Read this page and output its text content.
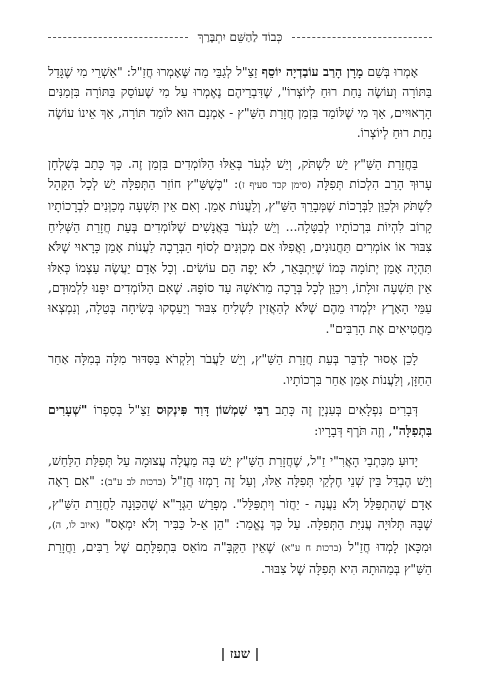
כְּבוֹד לַהַשֵּׁם יִתְבָּרַךְ

אָמְרוּ בְּשֵׁם מָרָן הָרַב עוֹבַדְיָה יוֹסֵף זַצַ"ל לְגַבֵּי מַה שֶּׁאָמְרוּ חֲזַ"ל: "אַשְׁרֵי מִי שֶׁגָּדֵל בַּתּוֹרָה וְעוֹשֶׂה נַחַת רוּחַ לְיוֹצְרוֹ", שֶׁדִּבְרֵיהֶם נֶאֶמְרוּ עַל מִי שֶׁעוֹסֵק בַּתּוֹרָה בִּזְמַנִּים הָרְאוּיִים, אַךְ מִי שֶׁלּוֹמֵד בִּזְמַן חֲזָרַת הַשַּׁ"ץ - אָמְנָם הוּא לוֹמֵד תּוֹרָה, אַךְ אֵינוֹ עוֹשֶׂה נַחַת רוּחַ לְיוֹצְרוֹ.

בַּחֲזָרַת הַשַּׁ"ץ יֵשׁ לִשְׁתֹּק, וְיֵשׁ לִגְעֹר בְּאֵלּוּ הַלּוֹמְדִים בִּזְמַן זֶה. כָּךְ כָּתַב בְּשֻׁלְחָן עָרוּךְ הָרַב הִלְכוֹת תְּפִלָּה (סימן קכד סעיף ז): "כְּשֶׁשַּׁ"ץ חוֹזֵר הַתְּפִלָּה יֵשׁ לְכָל הַקָּהָל לִשְׁתֹּק וּלְכַוֵּן לַבְּרָכוֹת שֶׁמְּבָרֵךְ הַשַּׁ"ץ, וְלַעֲנוֹת אָמֵן. וְאִם אֵין תִּשְׁעָה מְכַוְּנִים לִבְרָכוֹתָיו קָרוֹב לִהְיוֹת בִּרְכוֹתָיו לְבַטָּלָה... וְיֵשׁ לִגְעֹר בַּאֲנָשִׁים שֶׁלּוֹמְדִים בְּעֵת חֲזָרַת הַשְּׁלִיחַ צִבּוּר אוֹ אוֹמְרִים תַּחֲנוּנִים, וַאֲפִלּוּ אִם מְכַוְּנִים לְסוֹף הַבְּרָכָה לַעֲנוֹת אָמֵן כָּרָאוּי שֶׁלֹּא תִּהְיֶה אָמֵן יְתוֹמָה כְּמוֹ שֶׁיִּתְבָּאֵר, לֹא יָפֶה הֵם עוֹשִׂים. וְכָל אָדָם יַעֲשֶׂה עַצְמוֹ כְּאִלּוּ אֵין תִּשְׁעָה זוּלָתוֹ, וִיכַוֵּן לְכָל בְּרָכָה מֵרֹאשָׁהּ עַד סוֹפָהּ. שֶׁאִם הַלּוֹמְדִים יִפָּנוּ לִלְמוּדָם, עַמֵּי הָאָרֶץ יִלְמְדוּ מֵהֶם שֶׁלֹּא לְהַאֲזִין לִשְׁלִיחַ צִבּוּר וְיַעַסְקוּ בְּשִׂיחָה בְּטֵלָה, וְנִמְצְאוּ מַחֲטִיאִים אֶת הָרַבִּים".

לָכֵן אָסוּר לְדַבֵּר בְּעֵת חֲזָרַת הַשַּׁ"ץ, וְיֵשׁ לַעֲבֹר וְלִקְרֹא בַּסִּדּוּר מִלָּה בְּמִלָּה אַחַר הַחַזָּן, וְלַעֲנוֹת אָמֵן אַחַר בִּרְכוֹתָיו.

דְּבָרִים נִפְלָאִים בְּעִנְיָן זֶה כָּתַב רַבִּי שִׁמְשׁוֹן דָּוִד פִּינְקוּס זַצַ"ל בְּסִפְרוֹ "שְׁעָרִים בִּתְפִלָּה", וְזֶה תֹּרֶף דְּבָרָיו:

יָדוּעַ מִכִּתְבֵי הָאֲרִ"י זַ"ל, שֶׁחֲזָרַת הַשַּׁ"ץ יֵשׁ בָּהּ מַעֲלָה עֲצוּמָה עַל תְּפִלַּת הַלַּחַשׁ, וְיֵשׁ הֶבְדֵּל בֵּין שְׁנֵי חֶלְקֵי תְּפִלָּה אֵלּוּ, וְעַל זֶה רָמְזוּ חֲזַ"ל (ברכות לב ע"ב): "אִם רָאָה אָדָם שֶׁהִתְפַּלֵּל וְלֹא נַעֲנָה - יַחֲזֹר וְיִתְפַּלֵּל". מְפָרֵשׁ הַגְּרָ"א שֶׁהַכַּוָּנָה לַחֲזָרַת הַשַּׁ"ץ, שֶׁבָּהּ תְּלוּיָה עֲנִיַּת הַתְּפִלָּה. עַל כָּךְ נֶאֱמַר: "הֵן אֵ-ל כַּבִּיר וְלֹא יִמְאָס" (איוב לו, ה), וּמִכָּאן לָמְדוּ חֲזַ"ל (ברכות ח ע"א) שֶׁאֵין הַקָּבָּ"ה מוֹאֵס בִּתְפִלָּתָם שֶׁל רַבִּים, וַחֲזָרַת הַשַּׁ"ץ בְּמַהוּתָהּ הִיא תְּפִלָּה שֶׁל צִבּוּר.

| שעז |
